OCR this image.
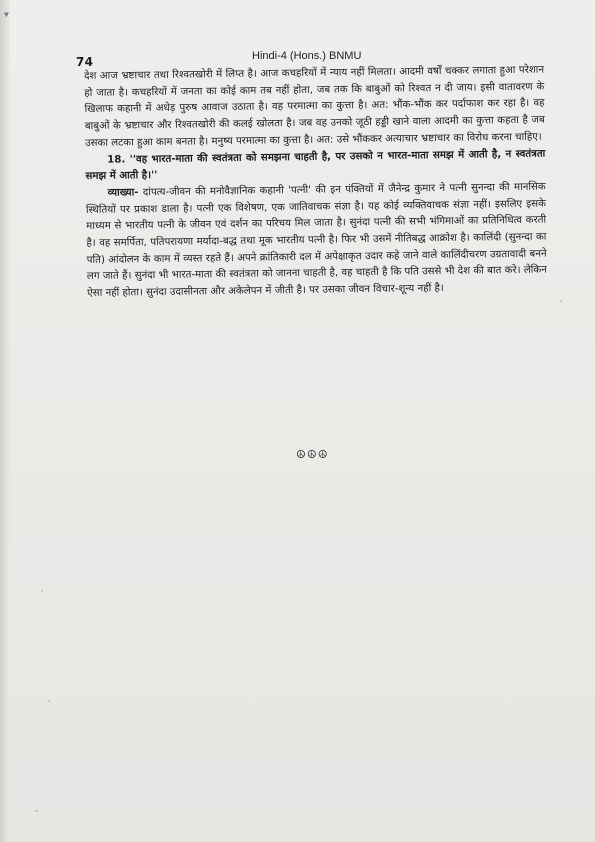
▼
74	Hindi-4 (Hons.) BNMU

देश आज भ्रष्टाचार तथा रिश्वतखोरी में लिप्त है। आज कचहरियों में न्याय नहीं मिलता। आदमी वर्षों चक्कर लगाता हुआ परेशान हो जाता है। कचहरियों में जनता का कोई काम तब नहीं होता, जब तक कि बाबुओं को रिश्वत न दी जाय। इसी वातावरण के खिलाफ कहानी में अधेड़ पुरुष आवाज उठाता है। वह परमात्मा का कुत्ता है। अत: भौंक-भौंक कर पर्दाफाश कर रहा है। वह बाबुओं के भ्रष्टाचार और रिश्वतखोरी की कलई खोलता है। जब वह उनको जूठी हड्डी खाने वाला आदमी का कुत्ता कहता है जब उसका लटका हुआ काम बनता है। मनुष्य परमात्मा का कुत्ता है। अत: उसे भौंककर अत्याचार भ्रष्टाचार का विरोध करना चाहिए।

18. ''वह भारत-माता की स्वतंत्रता को समझना चाहती है, पर उसको न भारत-माता समझ में आती है, न स्वतंत्रता समझ में आती है।''

व्याख्या- दांपत्य-जीवन की मनोवैज्ञानिक कहानी 'पत्नी' की इन पंक्तियों में जैनेन्द्र कुमार ने पत्नी सुनन्दा की मानसिक स्थितियों पर प्रकाश डाला है। पत्नी एक विशेषण, एक जातिवाचक संज्ञा है। यह कोई व्यक्तिवाचक संज्ञा नहीं। इसलिए इसके माध्यम से भारतीय पत्नी के जीवन एवं दर्शन का परिचय मिल जाता है। सुनंदा पत्नी की सभी भंगिमाओं का प्रतिनिधित्व करती है। वह समर्पिता, पतिपरायणा मर्यादा-बद्ध तथा मूक भारतीय पत्नी है। फिर भी उसमें नीतिबद्ध आक्रोश है। कालिंदी (सुनन्दा का पति) आंदोलन के काम में व्यस्त रहते हैं। अपने क्रांतिकारी दल में अपेक्षाकृत उदार कहे जाने वाले कालिंदीचरण उग्रतावादी बनने लग जाते हैं। सुनंदा भी भारत-माता की स्वतंत्रता को जानना चाहती है, वह चाहती है कि पति उससे भी देश की बात करे। लेकिन ऐसा नहीं होता। सुनंदा उदासीनता और अकेलेपन में जीती है। पर उसका जीवन विचार-शून्य नहीं है।

☮☮☮
